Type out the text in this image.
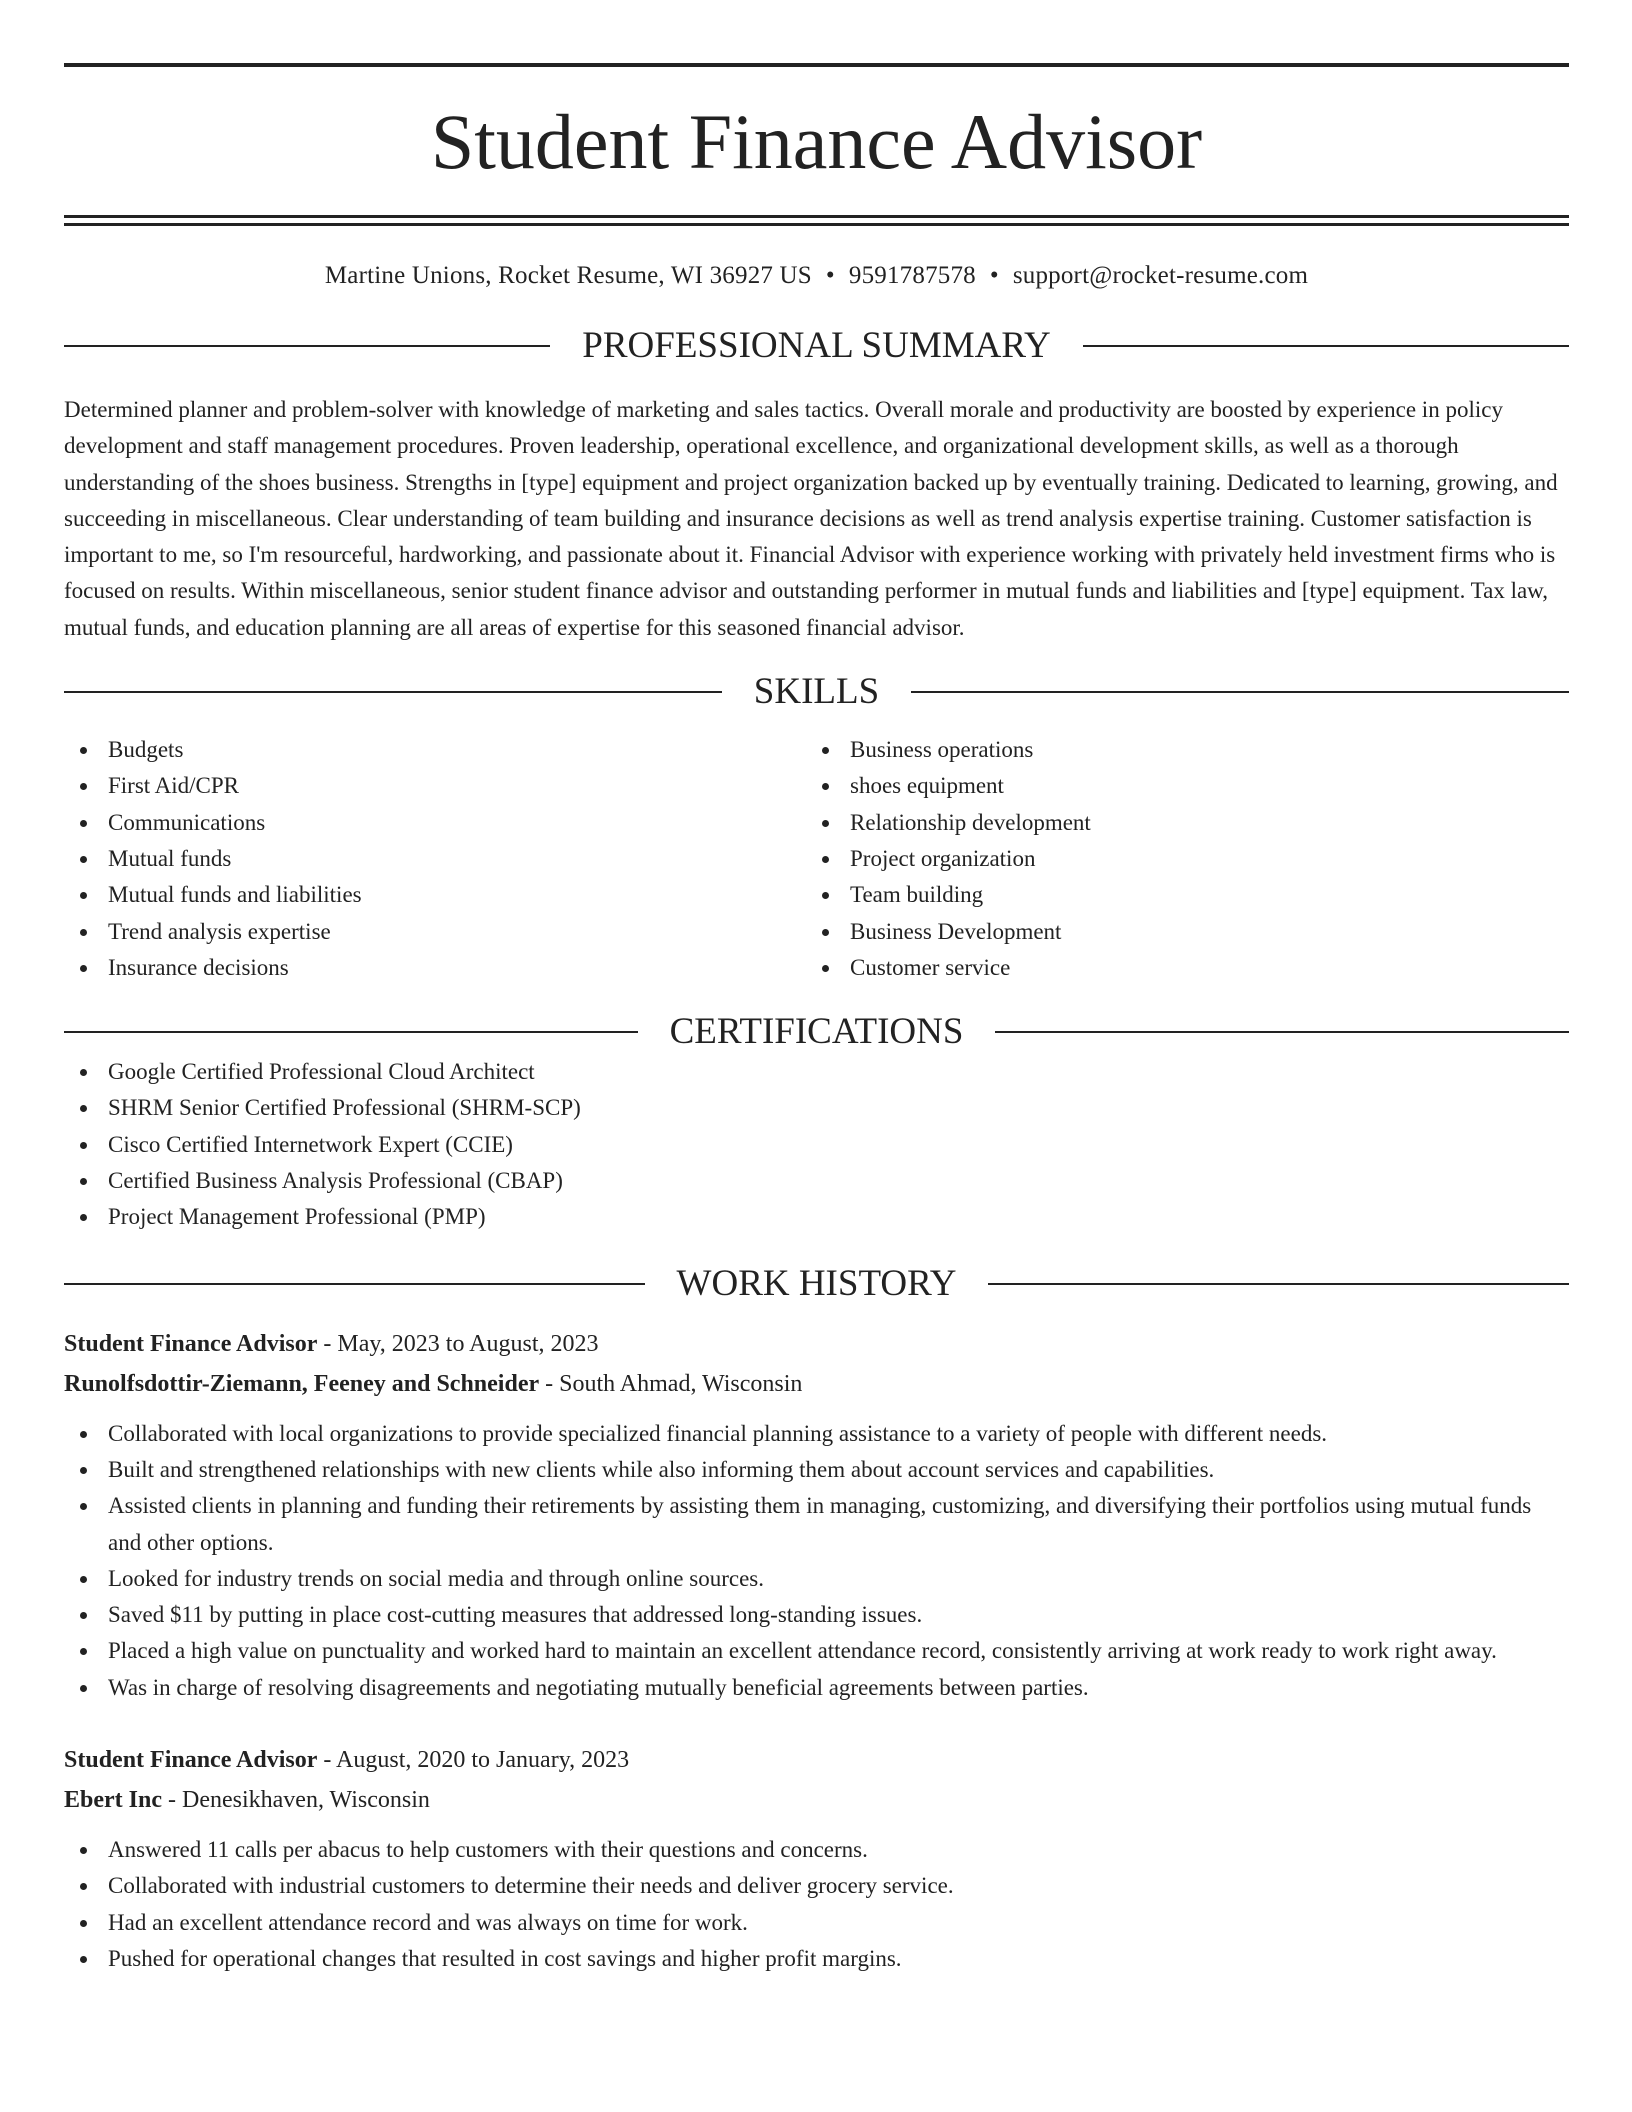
Student Finance Advisor
Martine Unions, Rocket Resume, WI 36927 US • 9591787578 • support@rocket-resume.com
PROFESSIONAL SUMMARY
Determined planner and problem-solver with knowledge of marketing and sales tactics. Overall morale and productivity are boosted by experience in policy development and staff management procedures. Proven leadership, operational excellence, and organizational development skills, as well as a thorough understanding of the shoes business. Strengths in [type] equipment and project organization backed up by eventually training. Dedicated to learning, growing, and succeeding in miscellaneous. Clear understanding of team building and insurance decisions as well as trend analysis expertise training. Customer satisfaction is important to me, so I'm resourceful, hardworking, and passionate about it. Financial Advisor with experience working with privately held investment firms who is focused on results. Within miscellaneous, senior student finance advisor and outstanding performer in mutual funds and liabilities and [type] equipment. Tax law, mutual funds, and education planning are all areas of expertise for this seasoned financial advisor.
SKILLS
Budgets
First Aid/CPR
Communications
Mutual funds
Mutual funds and liabilities
Trend analysis expertise
Insurance decisions
Business operations
shoes equipment
Relationship development
Project organization
Team building
Business Development
Customer service
CERTIFICATIONS
Google Certified Professional Cloud Architect
SHRM Senior Certified Professional (SHRM-SCP)
Cisco Certified Internetwork Expert (CCIE)
Certified Business Analysis Professional (CBAP)
Project Management Professional (PMP)
WORK HISTORY
Student Finance Advisor - May, 2023 to August, 2023
Runolfsdottir-Ziemann, Feeney and Schneider - South Ahmad, Wisconsin
Collaborated with local organizations to provide specialized financial planning assistance to a variety of people with different needs.
Built and strengthened relationships with new clients while also informing them about account services and capabilities.
Assisted clients in planning and funding their retirements by assisting them in managing, customizing, and diversifying their portfolios using mutual funds and other options.
Looked for industry trends on social media and through online sources.
Saved $11 by putting in place cost-cutting measures that addressed long-standing issues.
Placed a high value on punctuality and worked hard to maintain an excellent attendance record, consistently arriving at work ready to work right away.
Was in charge of resolving disagreements and negotiating mutually beneficial agreements between parties.
Student Finance Advisor - August, 2020 to January, 2023
Ebert Inc - Denesikhaven, Wisconsin
Answered 11 calls per abacus to help customers with their questions and concerns.
Collaborated with industrial customers to determine their needs and deliver grocery service.
Had an excellent attendance record and was always on time for work.
Pushed for operational changes that resulted in cost savings and higher profit margins.
